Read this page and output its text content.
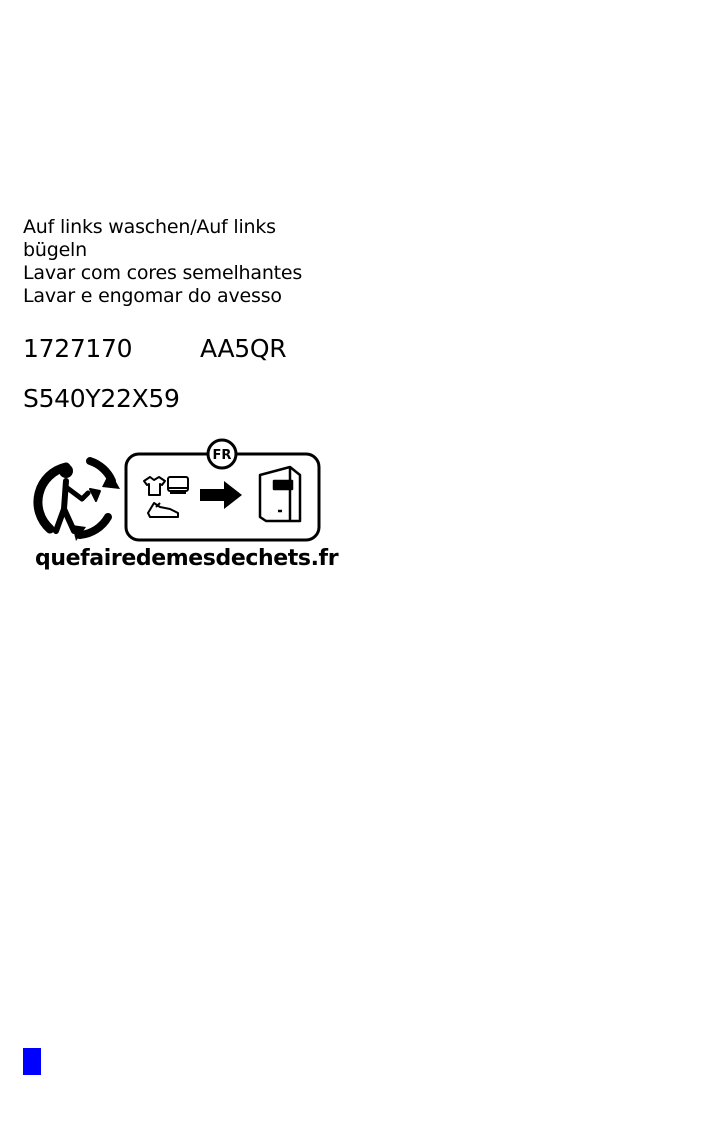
Auf links waschen/Auf links
bügeln
Lavar com cores semelhantes
Lavar e engomar do avesso
1727170	AA5QR
S540Y22X59
FR
quefairedemesdechets.fr
